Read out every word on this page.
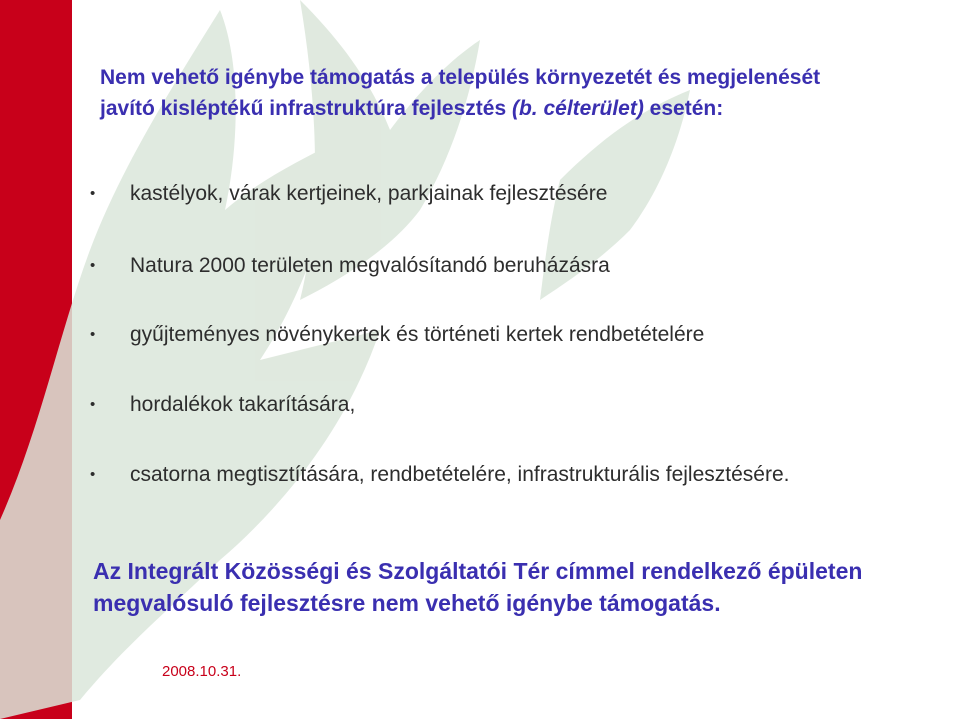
Nem vehető igénybe támogatás a település környezetét és megjelenését javító kisléptékű infrastruktúra fejlesztés (b. célterület) esetén:
• kastélyok, várak kertjeinek, parkjainak fejlesztésére
• Natura 2000 területen megvalósítandó beruházásra
• gyűjteményes növénykertek és történeti kertek rendbetételére
• hordalékok takarítására,
• csatorna megtisztítására, rendbetételére, infrastrukturális fejlesztésére.
Az Integrált Közösségi és Szolgáltatói Tér címmel rendelkező épületen megvalósuló fejlesztésre nem vehető igénybe támogatás.
2008.10.31.
